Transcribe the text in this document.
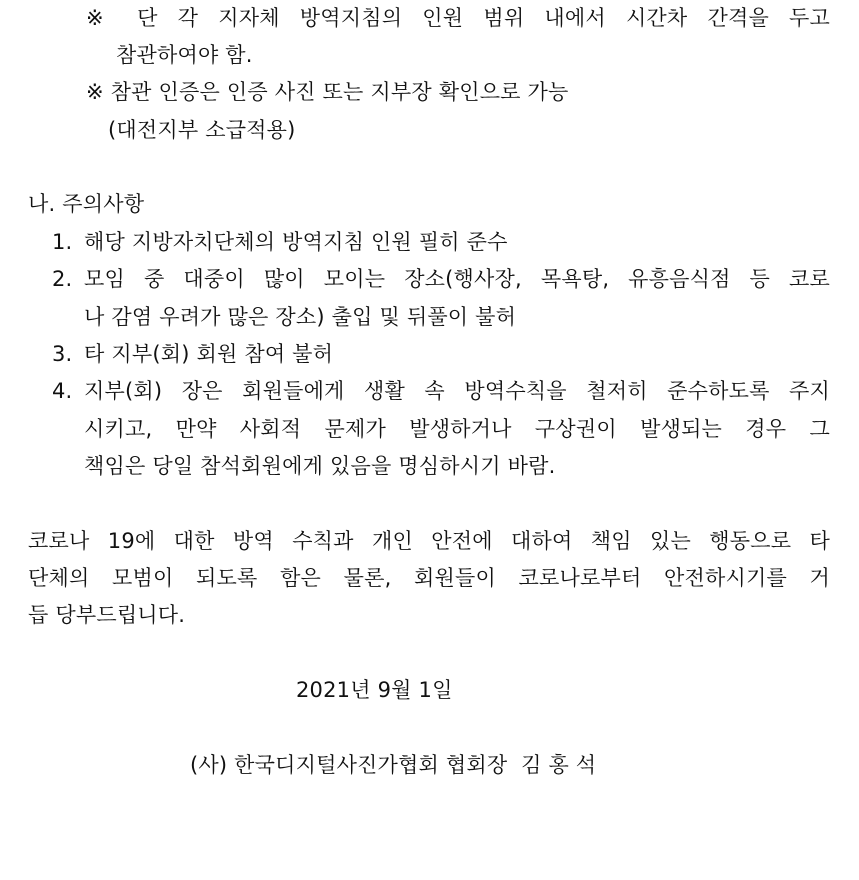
※ 단 각 지자체 방역지침의 인원 범위 내에서 시간차 간격을 두고
참관하여야 함.
※ 참관 인증은 인증 사진 또는 지부장 확인으로 가능
(대전지부 소급적용)
나. 주의사항
1. 해당 지방자치단체의 방역지침 인원 필히 준수
2. 모임 중 대중이 많이 모이는 장소(행사장, 목욕탕, 유흥음식점 등 코로
나 감염 우려가 많은 장소) 출입 및 뒤풀이 불허
3. 타 지부(회) 회원 참여 불허
4. 지부(회) 장은 회원들에게 생활 속 방역수칙을 철저히 준수하도록 주지
시키고, 만약 사회적 문제가 발생하거나 구상권이 발생되는 경우 그
책임은 당일 참석회원에게 있음을 명심하시기 바람.
코로나 19에 대한 방역 수칙과 개인 안전에 대하여 책임 있는 행동으로 타
단체의 모범이 되도록 함은 물론, 회원들이 코로나로부터 안전하시기를 거
듭 당부드립니다.
2021년 9월 1일
(사) 한국디지털사진가협회 협회장  김 홍 석
